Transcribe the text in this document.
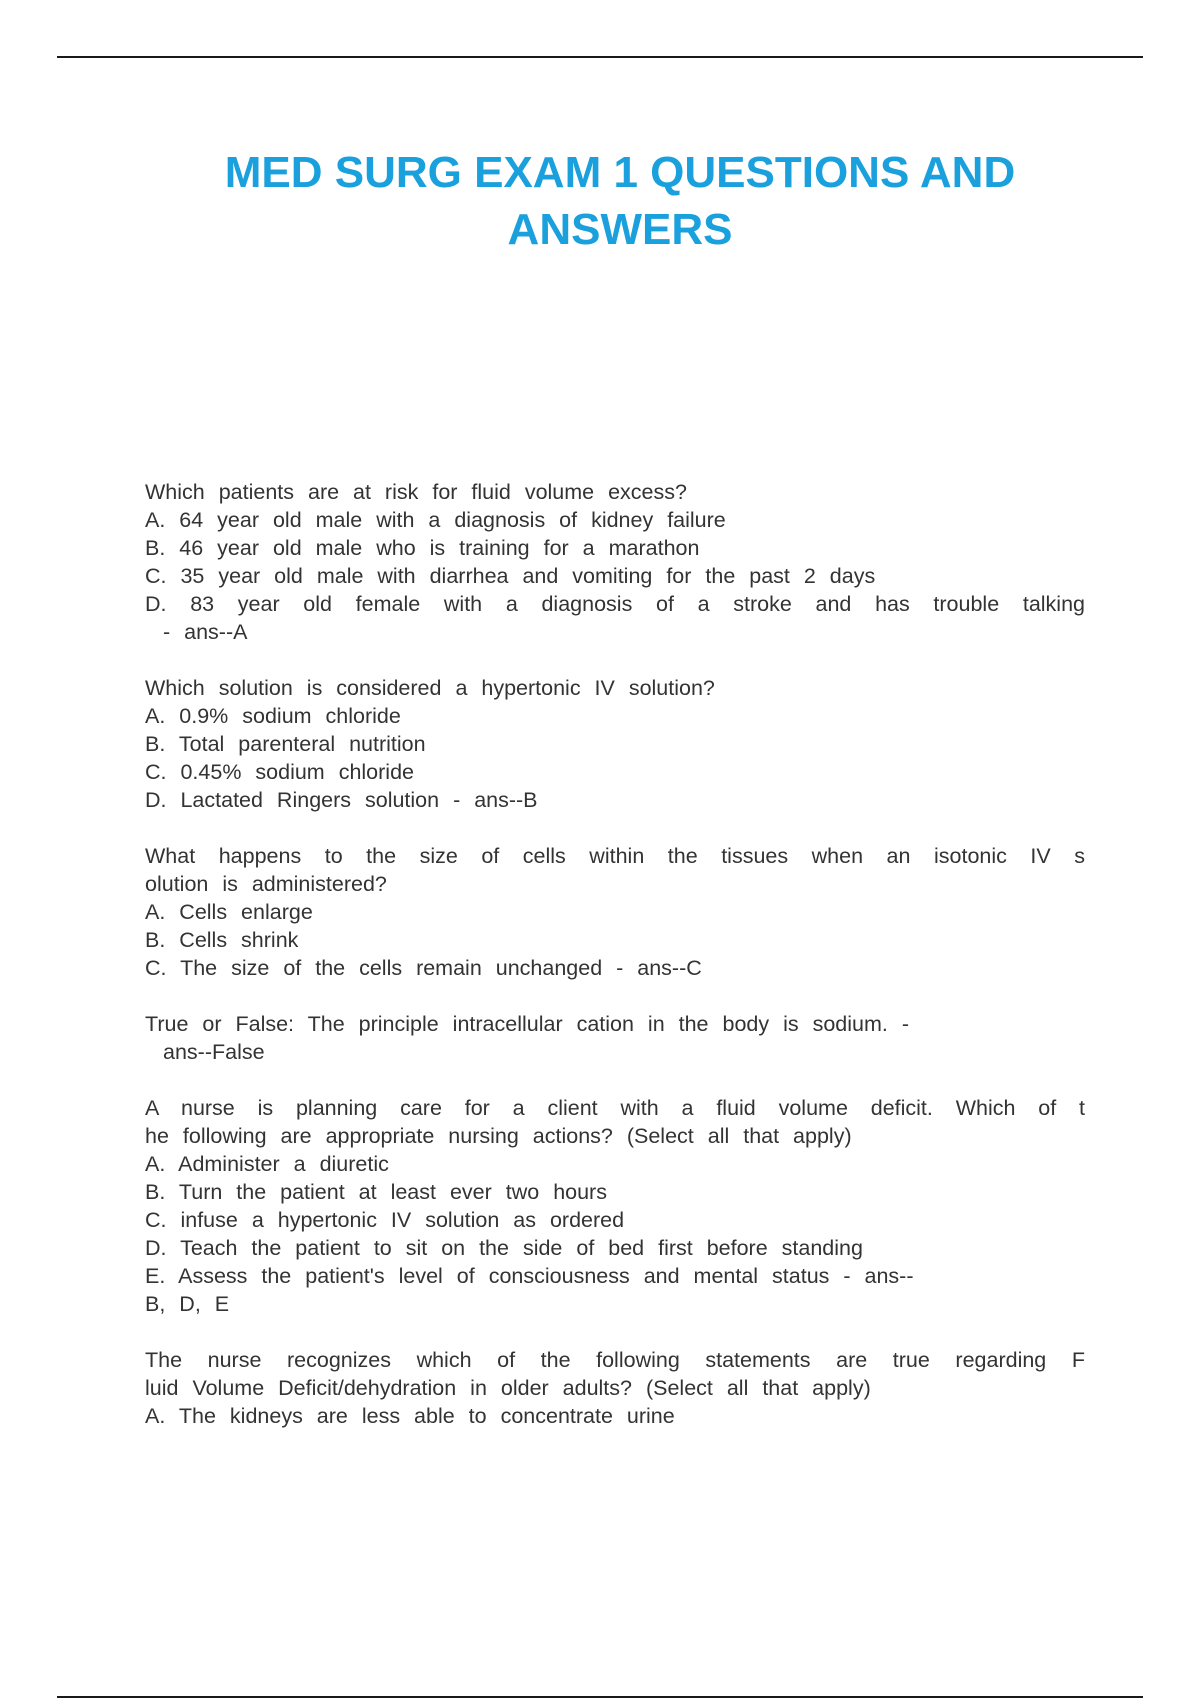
MED SURG EXAM 1 QUESTIONS AND
ANSWERS
Which patients are at risk for fluid volume excess?
A. 64 year old male with a diagnosis of kidney failure
B. 46 year old male who is training for a marathon
C. 35 year old male with diarrhea and vomiting for the past 2 days
D. 83 year old female with a diagnosis of a stroke and has trouble talking
- ans--A
Which solution is considered a hypertonic IV solution?
A. 0.9% sodium chloride
B. Total parenteral nutrition
C. 0.45% sodium chloride
D. Lactated Ringers solution - ans--B
What happens to the size of cells within the tissues when an isotonic IV s
olution is administered?
A. Cells enlarge
B. Cells shrink
C. The size of the cells remain unchanged - ans--C
True or False: The principle intracellular cation in the body is sodium. -
ans--False
A nurse is planning care for a client with a fluid volume deficit. Which of t
he following are appropriate nursing actions? (Select all that apply)
A. Administer a diuretic
B. Turn the patient at least ever two hours
C. infuse a hypertonic IV solution as ordered
D. Teach the patient to sit on the side of bed first before standing
E. Assess the patient's level of consciousness and mental status - ans--
B, D, E
The nurse recognizes which of the following statements are true regarding F
luid Volume Deficit/dehydration in older adults? (Select all that apply)
A. The kidneys are less able to concentrate urine
